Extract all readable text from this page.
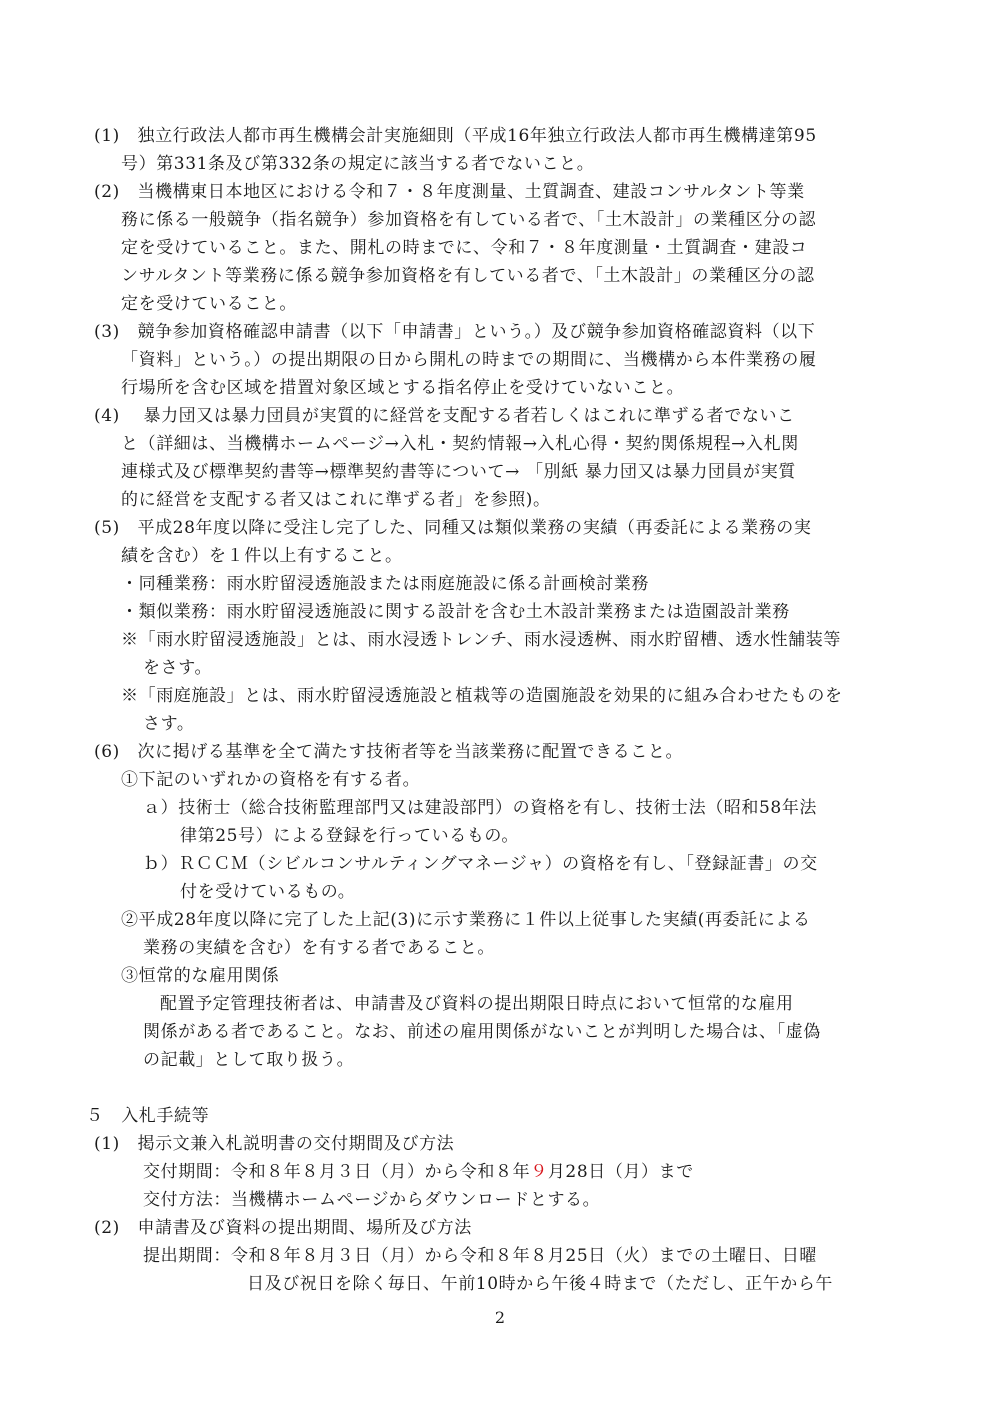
(1)　独立行政法人都市再生機構会計実施細則（平成16年独立行政法人都市再生機構達第95
号）第331条及び第332条の規定に該当する者でないこと。
(2)　当機構東日本地区における令和７・８年度測量、土質調査、建設コンサルタント等業
務に係る一般競争（指名競争）参加資格を有している者で、「土木設計」の業種区分の認
定を受けていること。また、開札の時までに、令和７・８年度測量・土質調査・建設コ
ンサルタント等業務に係る競争参加資格を有している者で、「土木設計」の業種区分の認
定を受けていること。
(3)　競争参加資格確認申請書（以下「申請書」という。）及び競争参加資格確認資料（以下
「資料」という。）の提出期限の日から開札の時までの期間に、当機構から本件業務の履
行場所を含む区域を措置対象区域とする指名停止を受けていないこと。
(4)　 暴力団又は暴力団員が実質的に経営を支配する者若しくはこれに準ずる者でないこ
と（詳細は、当機構ホームページ→入札・契約情報→入札心得・契約関係規程→入札関
連様式及び標準契約書等→標準契約書等について→ 「別紙 暴力団又は暴力団員が実質
的に経営を支配する者又はこれに準ずる者」を参照)。
(5)　平成28年度以降に受注し完了した、同種又は類似業務の実績（再委託による業務の実
績を含む）を１件以上有すること。
・同種業務：雨水貯留浸透施設または雨庭施設に係る計画検討業務
・類似業務：雨水貯留浸透施設に関する設計を含む土木設計業務または造園設計業務
※「雨水貯留浸透施設」とは、雨水浸透トレンチ、雨水浸透桝、雨水貯留槽、透水性舗装等
をさす。
※「雨庭施設」とは、雨水貯留浸透施設と植栽等の造園施設を効果的に組み合わせたものを
さす。
(6)　次に掲げる基準を全て満たす技術者等を当該業務に配置できること。
①下記のいずれかの資格を有する者。
ａ）技術士（総合技術監理部門又は建設部門）の資格を有し、技術士法（昭和58年法
律第25号）による登録を行っているもの。
ｂ）ＲＣＣＭ（シビルコンサルティングマネージャ）の資格を有し、「登録証書」の交
付を受けているもの。
②平成28年度以降に完了した上記(3)に示す業務に１件以上従事した実績(再委託による
業務の実績を含む）を有する者であること。
③恒常的な雇用関係
配置予定管理技術者は、申請書及び資料の提出期限日時点において恒常的な雇用
関係がある者であること。なお、前述の雇用関係がないことが判明した場合は、「虚偽
の記載」として取り扱う。
５　入札手続等
(1)　掲示文兼入札説明書の交付期間及び方法
交付期間：令和８年８月３日（月）から令和８年９月28日（月）まで
交付方法：当機構ホームページからダウンロードとする。
(2)　申請書及び資料の提出期間、場所及び方法
提出期間：令和８年８月３日（月）から令和８年８月25日（火）までの土曜日、日曜
日及び祝日を除く毎日、午前10時から午後４時まで（ただし、正午から午
2
